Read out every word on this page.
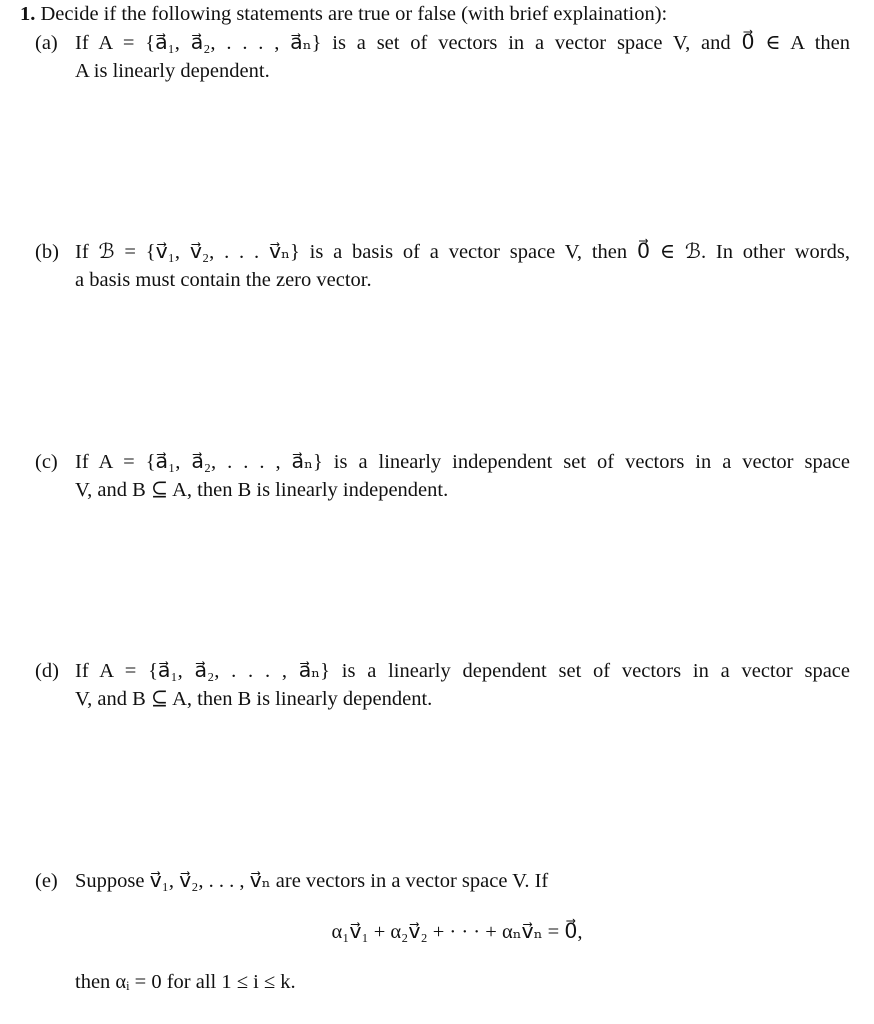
1. Decide if the following statements are true or false (with brief explaination):
(a) If A = {a⃗₁, a⃗₂, . . . , a⃗ₙ} is a set of vectors in a vector space V, and 0⃗ ∈ A then
A is linearly dependent.
(b) If ℬ = {v⃗₁, v⃗₂, . . . v⃗ₙ} is a basis of a vector space V, then 0⃗ ∈ ℬ. In other words,
a basis must contain the zero vector.
(c) If A = {a⃗₁, a⃗₂, . . . , a⃗ₙ} is a linearly independent set of vectors in a vector space
V, and B ⊆ A, then B is linearly independent.
(d) If A = {a⃗₁, a⃗₂, . . . , a⃗ₙ} is a linearly dependent set of vectors in a vector space
V, and B ⊆ A, then B is linearly dependent.
(e) Suppose v⃗₁, v⃗₂, . . . , v⃗ₙ are vectors in a vector space V. If
α₁v⃗₁ + α₂v⃗₂ + · · · + αₙv⃗ₙ = 0⃗,
then αᵢ = 0 for all 1 ≤ i ≤ k.
